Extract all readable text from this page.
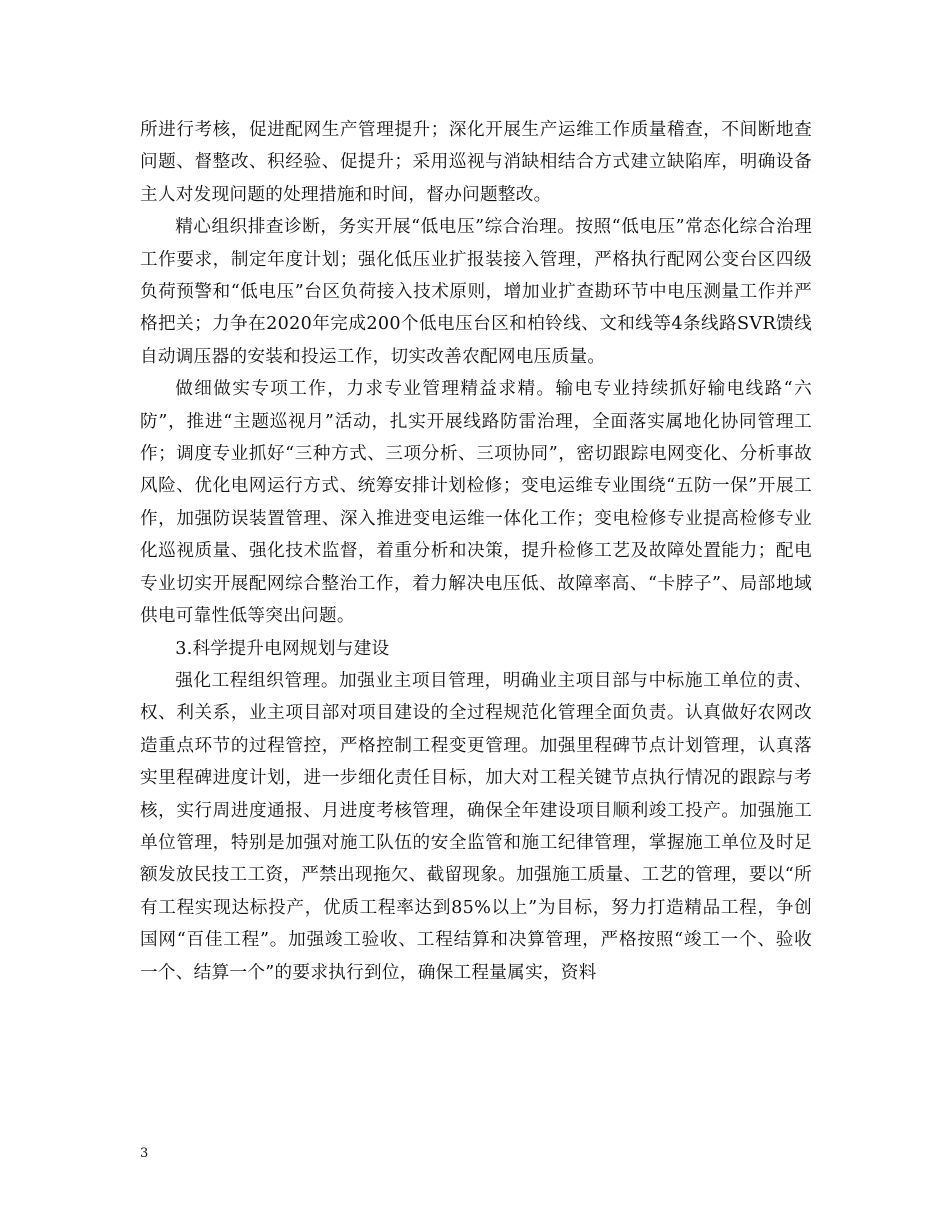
所进行考核，促进配网生产管理提升；深化开展生产运维工作质量稽查，不间断地查问题、督整改、积经验、促提升；采用巡视与消缺相结合方式建立缺陷库，明确设备主人对发现问题的处理措施和时间，督办问题整改。

精心组织排查诊断，务实开展“低电压”综合治理。按照“低电压”常态化综合治理工作要求，制定年度计划；强化低压业扩报装接入管理，严格执行配网公变台区四级负荷预警和“低电压”台区负荷接入技术原则，增加业扩查勘环节中电压测量工作并严格把关；力争在2020年完成200个低电压台区和柏铃线、文和线等4条线路SVR馈线自动调压器的安装和投运工作，切实改善农配网电压质量。

做细做实专项工作，力求专业管理精益求精。输电专业持续抓好输电线路“六防”，推进“主题巡视月”活动，扎实开展线路防雷治理，全面落实属地化协同管理工作；调度专业抓好“三种方式、三项分析、三项协同”，密切跟踪电网变化、分析事故风险、优化电网运行方式、统筹安排计划检修；变电运维专业围绕“五防一保”开展工作，加强防误装置管理、深入推进变电运维一体化工作；变电检修专业提高检修专业化巡视质量、强化技术监督，着重分析和决策，提升检修工艺及故障处置能力；配电专业切实开展配网综合整治工作，着力解决电压低、故障率高、“卡脖子”、局部地域供电可靠性低等突出问题。

3.科学提升电网规划与建设

强化工程组织管理。加强业主项目管理，明确业主项目部与中标施工单位的责、权、利关系，业主项目部对项目建设的全过程规范化管理全面负责。认真做好农网改造重点环节的过程管控，严格控制工程变更管理。加强里程碑节点计划管理，认真落实里程碑进度计划，进一步细化责任目标，加大对工程关键节点执行情况的跟踪与考核，实行周进度通报、月进度考核管理，确保全年建设项目顺利竣工投产。加强施工单位管理，特别是加强对施工队伍的安全监管和施工纪律管理，掌握施工单位及时足额发放民技工工资，严禁出现拖欠、截留现象。加强施工质量、工艺的管理，要以“所有工程实现达标投产，优质工程率达到85%以上”为目标，努力打造精品工程，争创国网“百佳工程”。加强竣工验收、工程结算和决算管理，严格按照“竣工一个、验收一个、结算一个”的要求执行到位，确保工程量属实，资料

3
